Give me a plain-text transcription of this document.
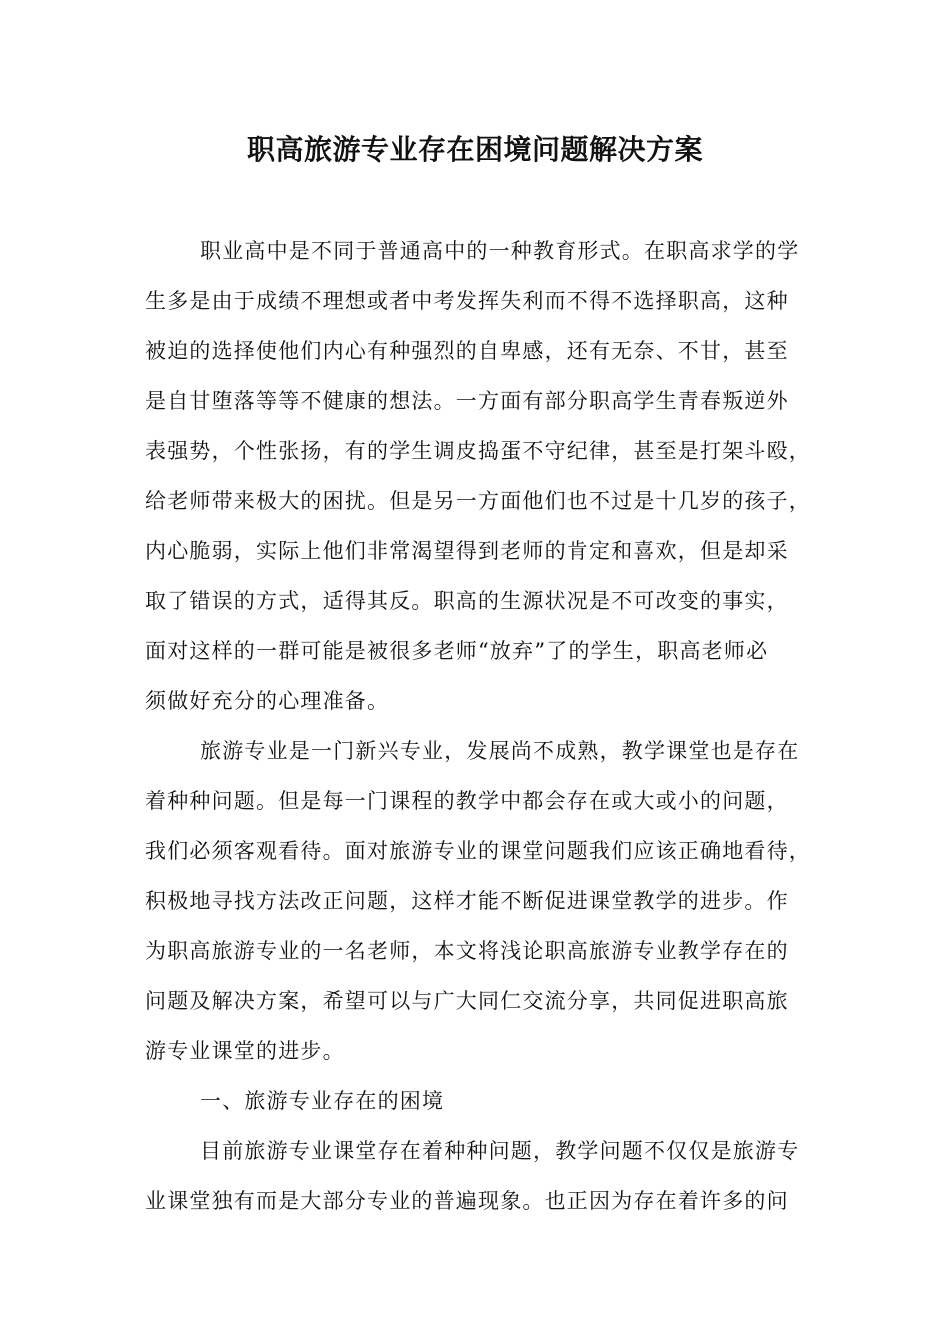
职高旅游专业存在困境问题解决方案
职业高中是不同于普通高中的一种教育形式。在职高求学的学
生多是由于成绩不理想或者中考发挥失利而不得不选择职高，这种
被迫的选择使他们内心有种强烈的自卑感，还有无奈、不甘，甚至
是自甘堕落等等不健康的想法。一方面有部分职高学生青春叛逆外
表强势，个性张扬，有的学生调皮捣蛋不守纪律，甚至是打架斗殴，
给老师带来极大的困扰。但是另一方面他们也不过是十几岁的孩子，
内心脆弱，实际上他们非常渴望得到老师的肯定和喜欢，但是却采
取了错误的方式，适得其反。职高的生源状况是不可改变的事实，
面对这样的一群可能是被很多老师“放弃”了的学生，职高老师必
须做好充分的心理准备。
旅游专业是一门新兴专业，发展尚不成熟，教学课堂也是存在
着种种问题。但是每一门课程的教学中都会存在或大或小的问题，
我们必须客观看待。面对旅游专业的课堂问题我们应该正确地看待，
积极地寻找方法改正问题，这样才能不断促进课堂教学的进步。作
为职高旅游专业的一名老师，本文将浅论职高旅游专业教学存在的
问题及解决方案，希望可以与广大同仁交流分享，共同促进职高旅
游专业课堂的进步。
一、旅游专业存在的困境
目前旅游专业课堂存在着种种问题，教学问题不仅仅是旅游专
业课堂独有而是大部分专业的普遍现象。也正因为存在着许多的问
